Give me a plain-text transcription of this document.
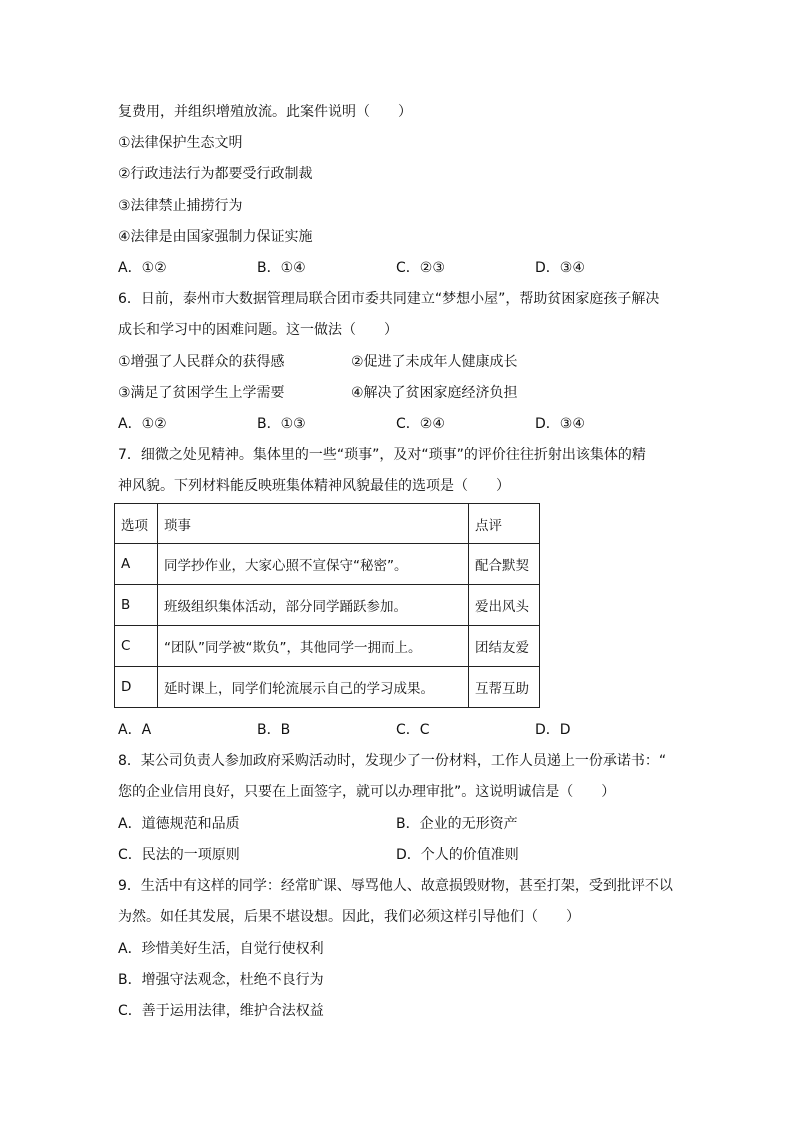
复费用，并组织增殖放流。此案件说明（　　）
①法律保护生态文明
②行政违法行为都要受行政制裁
③法律禁止捕捞行为
④法律是由国家强制力保证实施
A．①②	B．①④	C．②③	D．③④
6．日前，泰州市大数据管理局联合团市委共同建立“梦想小屋”，帮助贫困家庭孩子解决
成长和学习中的困难问题。这一做法（　　）
①增强了人民群众的获得感	②促进了未成年人健康成长
③满足了贫困学生上学需要	④解决了贫困家庭经济负担
A．①②	B．①③	C．②④	D．③④
7．细微之处见精神。集体里的一些“琐事”，及对“琐事”的评价往往折射出该集体的精
神风貌。下列材料能反映班集体精神风貌最佳的选项是（　　）
选项	琐事	点评
A	同学抄作业，大家心照不宣保守“秘密”。	配合默契
B	班级组织集体活动，部分同学踊跃参加。	爱出风头
C	“团队”同学被“欺负”，其他同学一拥而上。	团结友爱
D	延时课上，同学们轮流展示自己的学习成果。	互帮互助
A．A	B．B	C．C	D．D
8．某公司负责人参加政府采购活动时，发现少了一份材料，工作人员递上一份承诺书：“
您的企业信用良好，只要在上面签字，就可以办理审批”。这说明诚信是（　　）
A．道德规范和品质	B．企业的无形资产
C．民法的一项原则	D．个人的价值准则
9．生活中有这样的同学：经常旷课、辱骂他人、故意损毁财物，甚至打架，受到批评不以
为然。如任其发展，后果不堪设想。因此，我们必须这样引导他们（　　）
A．珍惜美好生活，自觉行使权利
B．增强守法观念，杜绝不良行为
C．善于运用法律，维护合法权益
